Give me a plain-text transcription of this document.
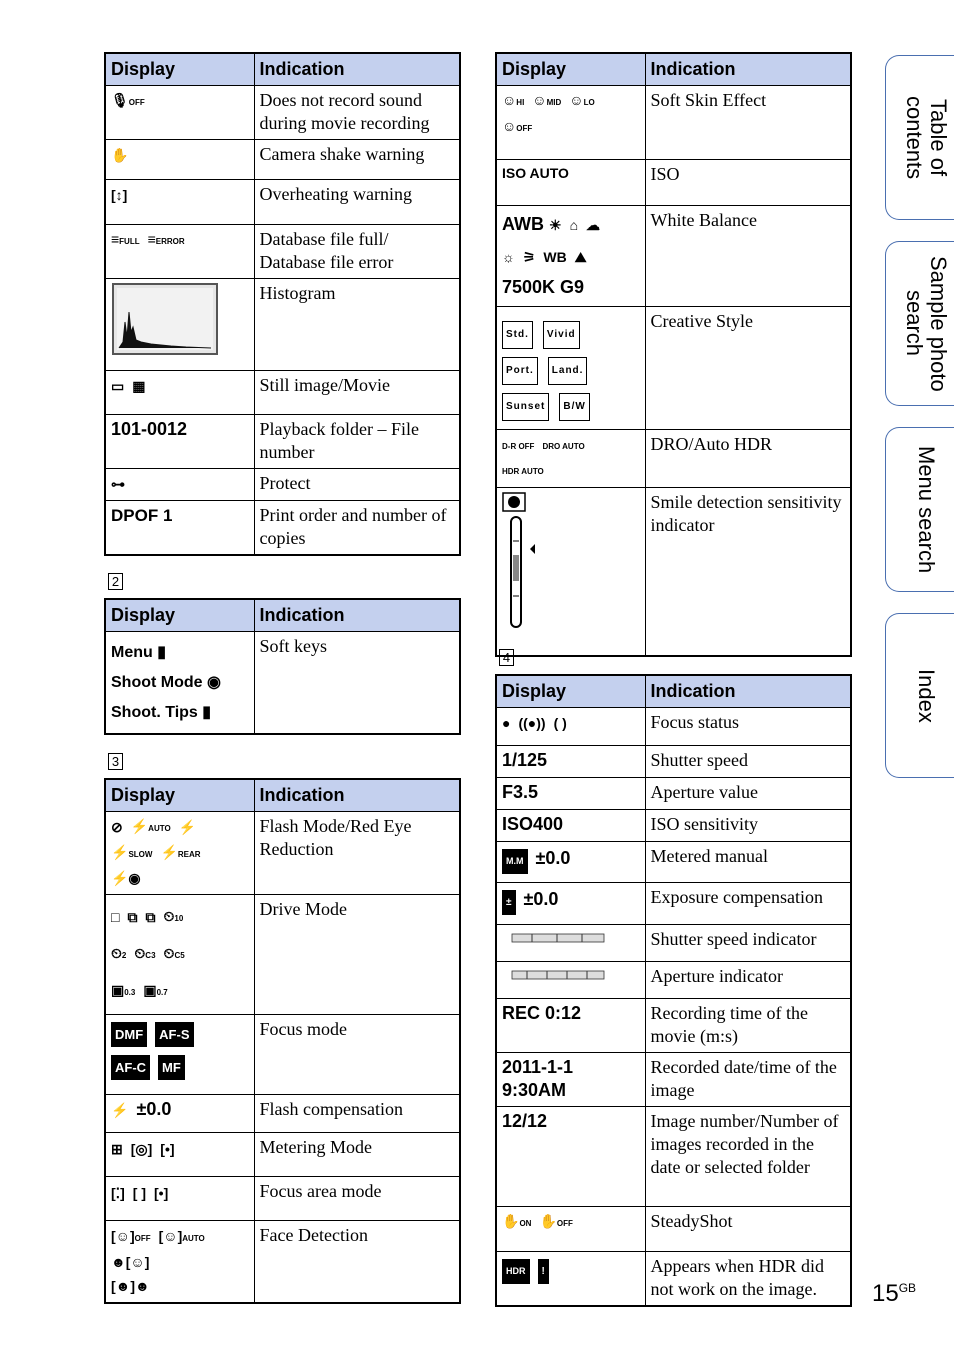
Display	Indication
🎙OFF	Does not record sound during movie recording
✋	Camera shake warning
[↕]	Overheating warning
≡FULL ≡ERROR	Database file full/ Database file error
	Histogram
▭ ▦	Still image/Movie
101-0012	Playback folder – File number
⊶	Protect
DPOF 1	Print order and number of copies
2
Display	Indication

Menu ▮
Shoot Mode ◉
Shoot. Tips ▮	Soft keys
3
Display	Indication
⊘ ⚡AUTO ⚡⚡SLOW ⚡REAR
⚡◉	Flash Mode/Red Eye Reduction
□ ⧉ ⧉ ⏲10
⏲2 ⏲C3 ⏲C5
▣0.3 ▣0.7	Drive Mode
DMF AF-S
AF-C MF	Focus mode
⚡ ±0.0	Flash compensation
⊞ [◎] [•]	Metering Mode
[⁚] [ ] [•]	Focus area mode
[☺]OFF [☺]AUTO☻[☺]
[☻]☻	Face Detection
Display	Indication
☺HI ☺MID ☺LO
☺OFF	Soft Skin Effect
ISO AUTO	ISO
AWB ☀ ⌂ ☁
☼ ⚞ WB ⛰
7500K G9	White Balance
Std. Vivid
Port. Land.
Sunset B/W	Creative Style
D-R OFF DRO AUTOHDR AUTO	DRO/Auto HDR
	Smile detection sensitivity indicator
4
Display	Indication
● ((●)) ( )	Focus status
1/125	Shutter speed
F3.5	Aperture value
ISO400	ISO sensitivity
M.M ±0.0	Metered manual
± ±0.0	Exposure compensation
	Shutter speed indicator
	Aperture indicator
REC 0:12	Recording time of the movie (m:s)
2011-1-1 9:30AM	Recorded date/time of the image
12/12	Image number/Number of images recorded in the date or selected folder
✋ON ✋OFF	SteadyShot
HDR !	Appears when HDR did not work on the image.
Table of contents
Sample photo search
Menu search
Index
$15^{GB}$
